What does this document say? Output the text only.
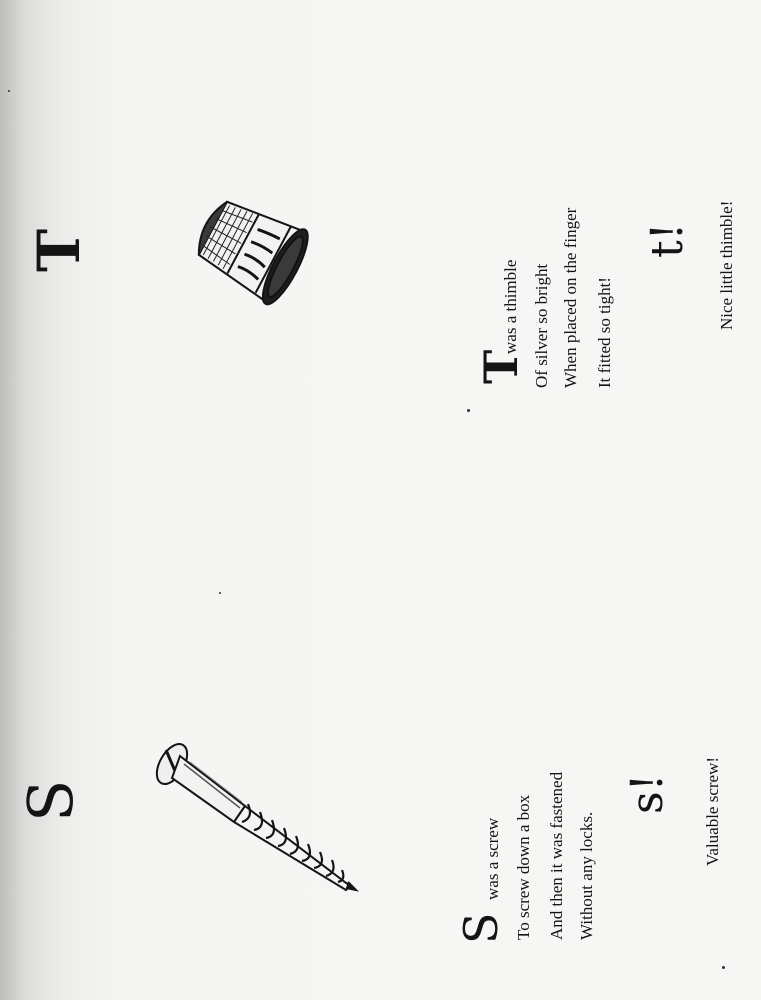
T
T
was a thimble Of silver so bright When placed on the finger It fitted so tight!
t! Nice little thimble!
S
S
was a screw To screw down a box And then it was fastened Without any locks.
s! Valuable screw!
